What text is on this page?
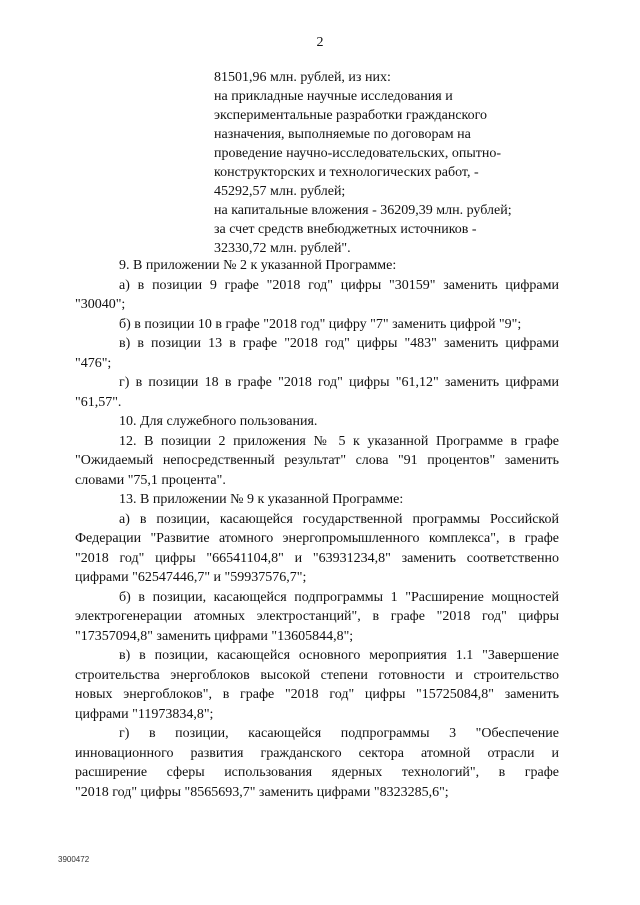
2
81501,96 млн. рублей, из них:
на прикладные научные исследования и
экспериментальные разработки гражданского
назначения, выполняемые по договорам на
проведение научно-исследовательских, опытно-
конструкторских и технологических работ, -
45292,57 млн. рублей;
на капитальные вложения - 36209,39 млн. рублей;
за счет средств внебюджетных источников -
32330,72 млн. рублей".
9. В приложении № 2 к указанной Программе:
а) в позиции 9 графе "2018 год" цифры "30159" заменить цифрами
"30040";
б) в позиции 10 в графе "2018 год" цифру "7" заменить цифрой "9";
в) в позиции 13 в графе "2018 год" цифры "483" заменить цифрами
"476";
г) в позиции 18 в графе "2018 год" цифры "61,12" заменить цифрами
"61,57".
10. Для служебного пользования.
12. В позиции 2 приложения № 5 к указанной Программе в графе
"Ожидаемый непосредственный результат" слова "91 процентов" заменить
словами "75,1 процента".
13. В приложении № 9 к указанной Программе:
а) в позиции, касающейся государственной программы Российской
Федерации "Развитие атомного энергопромышленного комплекса", в графе
"2018 год" цифры "66541104,8" и "63931234,8" заменить соответственно
цифрами "62547446,7" и "59937576,7";
б) в позиции, касающейся подпрограммы 1 "Расширение мощностей
электрогенерации атомных электростанций", в графе "2018 год" цифры
"17357094,8" заменить цифрами "13605844,8";
в) в позиции, касающейся основного мероприятия 1.1 "Завершение
строительства энергоблоков высокой степени готовности и строительство
новых энергоблоков", в графе "2018 год" цифры "15725084,8" заменить
цифрами "11973834,8";
г) в позиции, касающейся подпрограммы 3 "Обеспечение
инновационного развития гражданского сектора атомной отрасли и
расширение сферы использования ядерных технологий", в графе
"2018 год" цифры "8565693,7" заменить цифрами "8323285,6";
3900472
